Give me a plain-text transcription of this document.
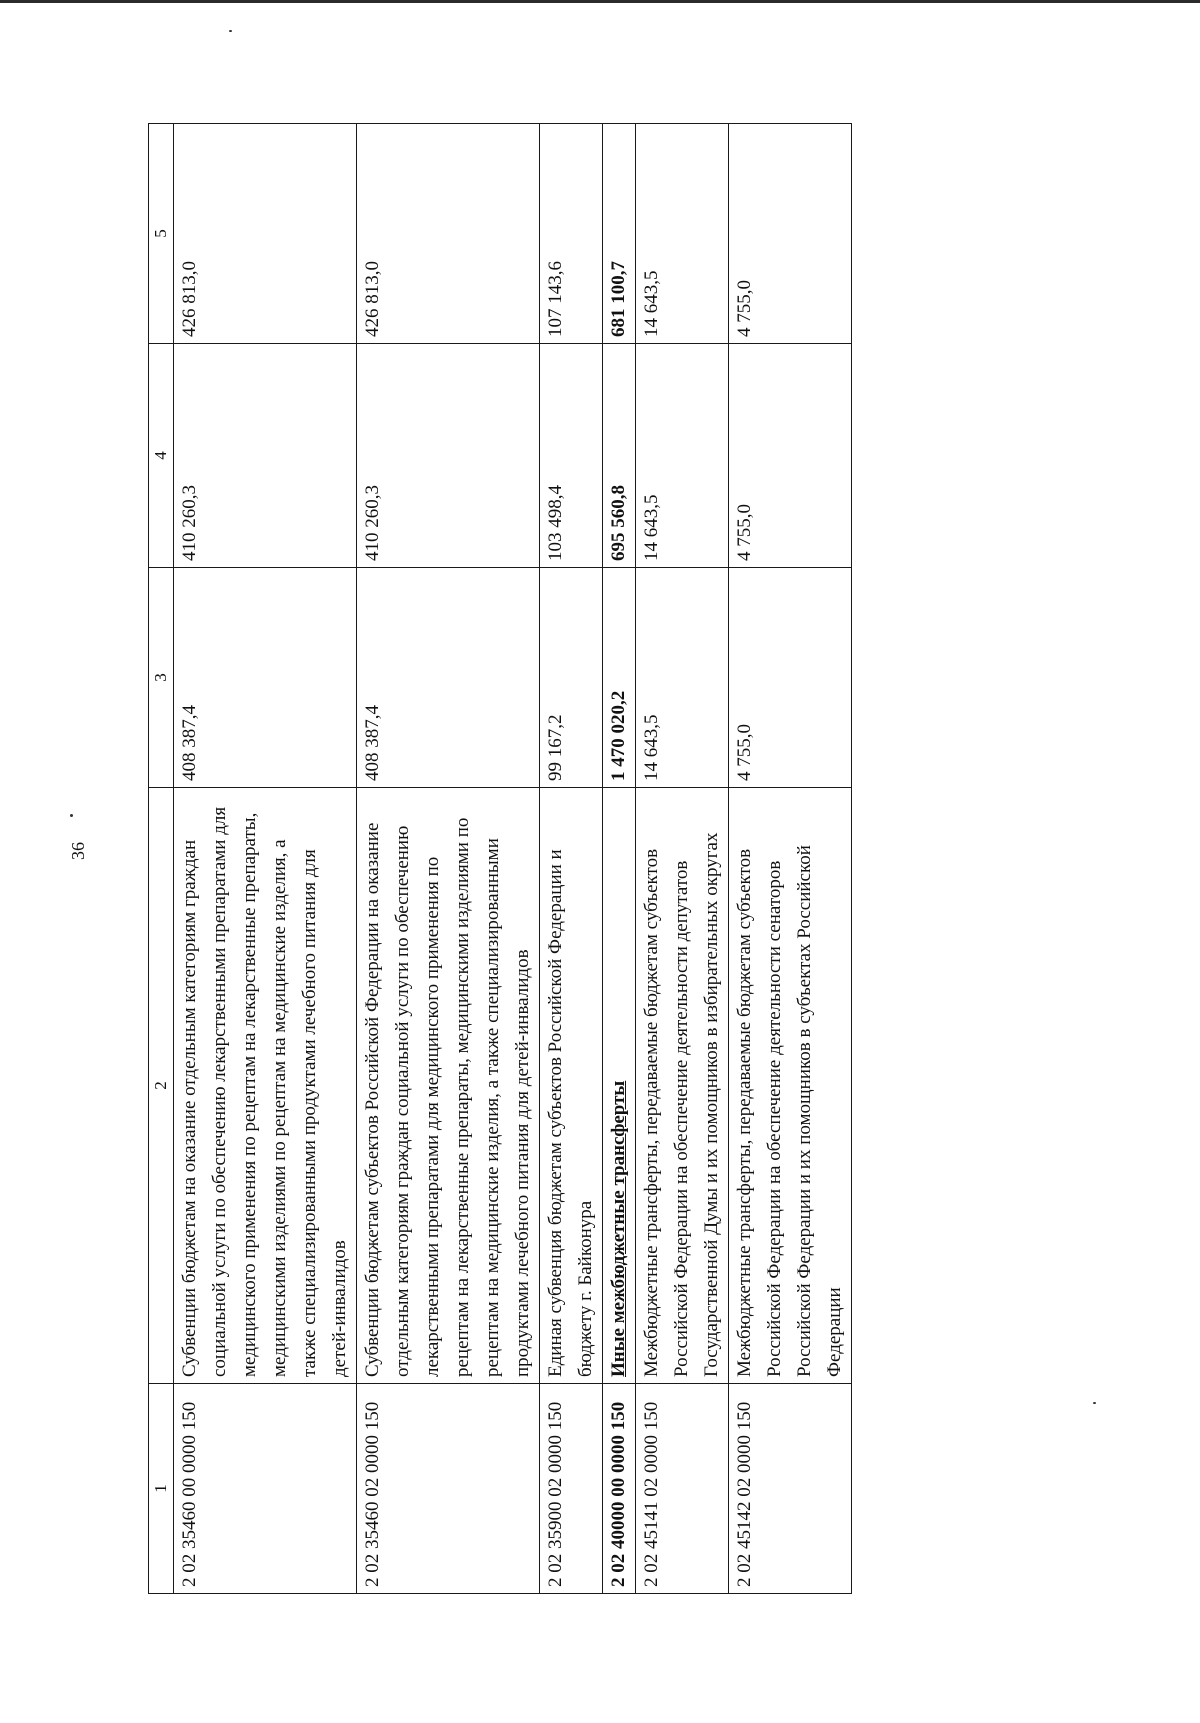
36
1	2	3	4	5
2 02 35460 00 0000 150	Субвенции бюджетам на оказание отдельным категориям граждан социальной услуги по обеспечению лекарственными препаратами для медицинского применения по рецептам на лекарственные препараты, медицинскими изделиями по рецептам на медицинские изделия, а также специализированными продуктами лечебного питания для детей-инвалидов	408 387,4	410 260,3	426 813,0
2 02 35460 02 0000 150	Субвенции бюджетам субъектов Российской Федерации на оказание отдельным категориям граждан социальной услуги по обеспечению лекарственными препаратами для медицинского применения по рецептам на лекарственные препараты, медицинскими изделиями по рецептам на медицинские изделия, а также специализированными продуктами лечебного питания для детей-инвалидов	408 387,4	410 260,3	426 813,0
2 02 35900 02 0000 150	Единая субвенция бюджетам субъектов Российской Федерации и бюджету г. Байконура	99 167,2	103 498,4	107 143,6
2 02 40000 00 0000 150	Иные межбюджетные трансферты	1 470 020,2	695 560,8	681 100,7
2 02 45141 02 0000 150	Межбюджетные трансферты, передаваемые бюджетам субъектов Российской Федерации на обеспечение деятельности депутатов Государственной Думы и их помощников в избирательных округах	14 643,5	14 643,5	14 643,5
2 02 45142 02 0000 150	Межбюджетные трансферты, передаваемые бюджетам субъектов Российской Федерации на обеспечение деятельности сенаторов Российской Федерации и их помощников в субъектах Российской Федерации	4 755,0	4 755,0	4 755,0
